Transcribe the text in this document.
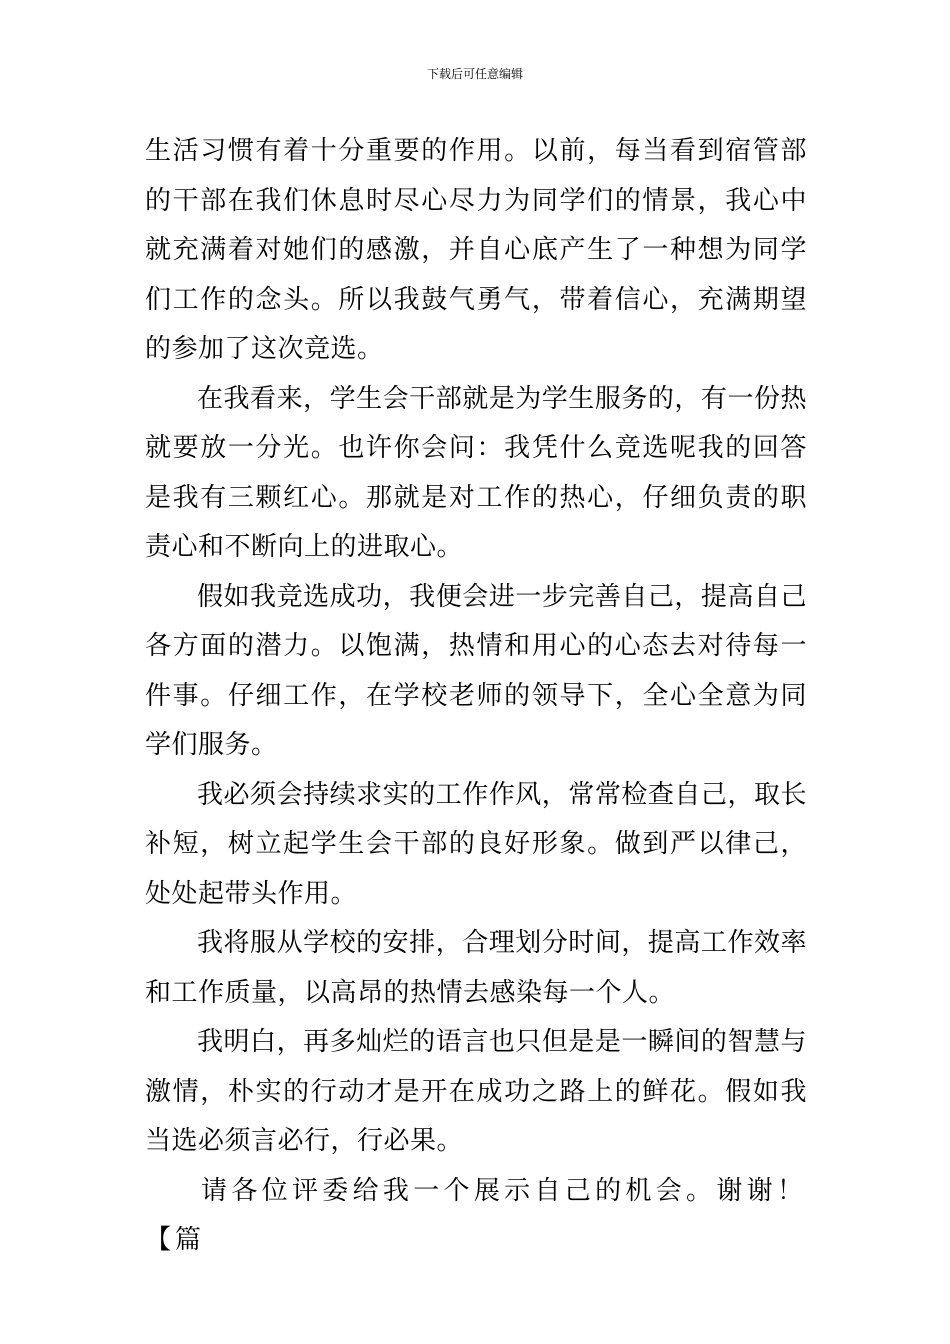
下载后可任意编辑

生活习惯有着十分重要的作用。以前，每当看到宿管部的干部在我们休息时尽心尽力为同学们的情景，我心中就充满着对她们的感激，并自心底产生了一种想为同学们工作的念头。所以我鼓气勇气，带着信心，充满期望的参加了这次竞选。

在我看来，学生会干部就是为学生服务的，有一份热就要放一分光。也许你会问：我凭什么竞选呢我的回答是我有三颗红心。那就是对工作的热心，仔细负责的职责心和不断向上的进取心。

假如我竞选成功，我便会进一步完善自己，提高自己各方面的潜力。以饱满，热情和用心的心态去对待每一件事。仔细工作，在学校老师的领导下，全心全意为同学们服务。

我必须会持续求实的工作作风，常常检查自己，取长补短，树立起学生会干部的良好形象。做到严以律己，处处起带头作用。

我将服从学校的安排，合理划分时间，提高工作效率和工作质量，以高昂的热情去感染每一个人。

我明白，再多灿烂的语言也只但是是一瞬间的智慧与激情，朴实的行动才是开在成功之路上的鲜花。假如我当选必须言必行，行必果。

请各位评委给我一个展示自己的机会。谢谢！【篇
